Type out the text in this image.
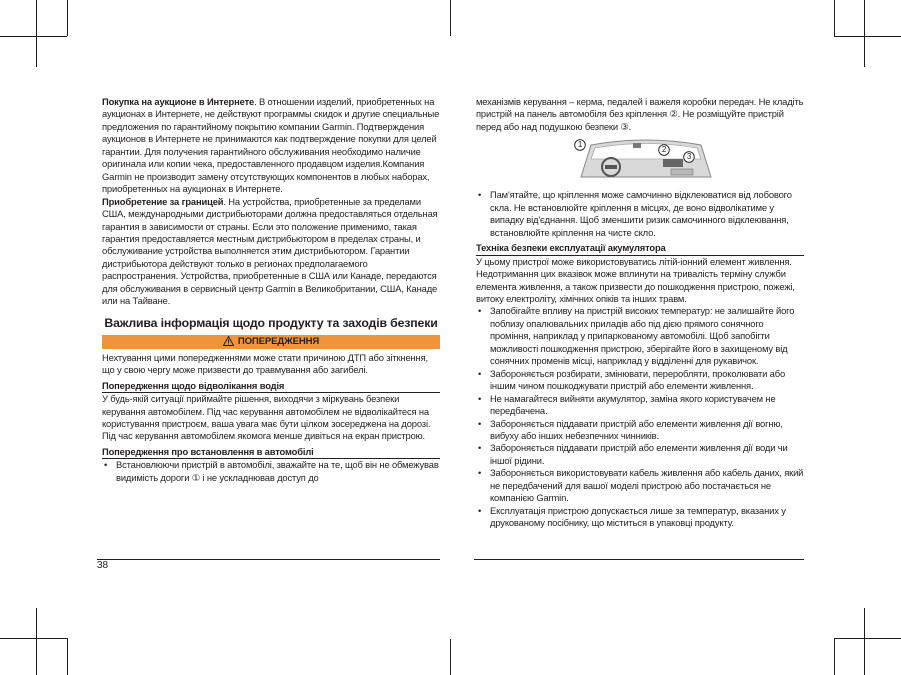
Покупка на аукционе в Интернете. В отношении изделий, приобретенных на аукционах в Интернете, не действуют программы скидок и другие специальные предложения по гарантийному покрытию компании Garmin. Подтверждения аукционов в Интернете не принимаются как подтверждение покупки для целей гарантии. Для получения гарантийного обслуживания необходимо наличие оригинала или копии чека, предоставленного продавцом изделия.Компания Garmin не производит замену отсутствующих компонентов в любых наборах, приобретенных на аукционах в Интернете.

Приобретение за границей. На устройства, приобретенные за пределами США, международными дистрибьюторами должна предоставляться отдельная гарантия в зависимости от страны. Если это положение применимо, такая гарантия предоставляется местным дистрибьютором в пределах страны, и обслуживание устройства выполняется этим дистрибьютором. Гарантии дистрибьютора действуют только в регионах предполагаемого распространения. Устройства, приобретенные в США или Канаде, передаются для обслуживания в сервисный центр Garmin в Великобритании, США, Канаде или на Тайване.

Важлива інформація щодо продукту та заходів безпеки
ПОПЕРЕДЖЕННЯ

Нехтування цими попередженнями може стати причиною ДТП або зіткнення, що у свою чергу може призвести до травмування або загибелі.

Попередження щодо відволікання водія

У будь-якій ситуації приймайте рішення, виходячи з міркувань безпеки керування автомобілем. Під час керування автомобілем не відволікайтеся на користування пристроєм, ваша увага має бути цілком зосереджена на дорозі. Під час керування автомобілем якомога менше дивіться на екран пристрою.

Попередження про встановлення в автомобілі
• Встановлюючи пристрій в автомобілі, зважайте на те, щоб він не обмежував видимість дороги ① і не ускладнював доступ до
38

механізмів керування – керма, педалей і важеля коробки передач. Не кладіть пристрій на панель автомобіля без кріплення ②. Не розміщуйте пристрій перед або над подушкою безпеки ③.

1
2
3
• Пам'ятайте, що кріплення може самочинно відклеюватися від лобового скла. Не встановлюйте кріплення в місцях, де воно відволікатиме у випадку від'єднання. Щоб зменшити ризик самочинного відклеювання, встановлюйте кріплення на чисте скло.
Техніка безпеки експлуатації акумулятора

У цьому пристрої може використовуватись літій-іонний елемент живлення.

Недотримання цих вказівок може вплинути на тривалість терміну служби елемента живлення, а також призвести до пошкодження пристрою, пожежі, витоку електроліту, хімічних опіків та інших травм.

• Запобігайте впливу на пристрій високих температур: не залишайте його поблизу опалювальних приладів або під дією прямого сонячного проміння, наприклад у припаркованому автомобілі. Щоб запобігти можливості пошкодження пристрою, зберігайте його в захищеному від сонячних променів місці, наприклад у відділенні для рукавичок.
• Забороняється розбирати, змінювати, переробляти, проколювати або іншим чином пошкоджувати пристрій або елементи живлення.
• Не намагайтеся вийняти акумулятор, заміна якого користувачем не передбачена.
• Забороняється піддавати пристрій або елементи живлення дії вогню, вибуху або інших небезпечних чинників.
• Забороняється піддавати пристрій або елементи живлення дії води чи іншої рідини.
• Забороняється використовувати кабель живлення або кабель даних, який не передбачений для вашої моделі пристрою або постачається не компанією Garmin.
• Експлуатація пристрою допускається лише за температур, вказаних у друкованому посібнику, що міститься в упаковці продукту.
